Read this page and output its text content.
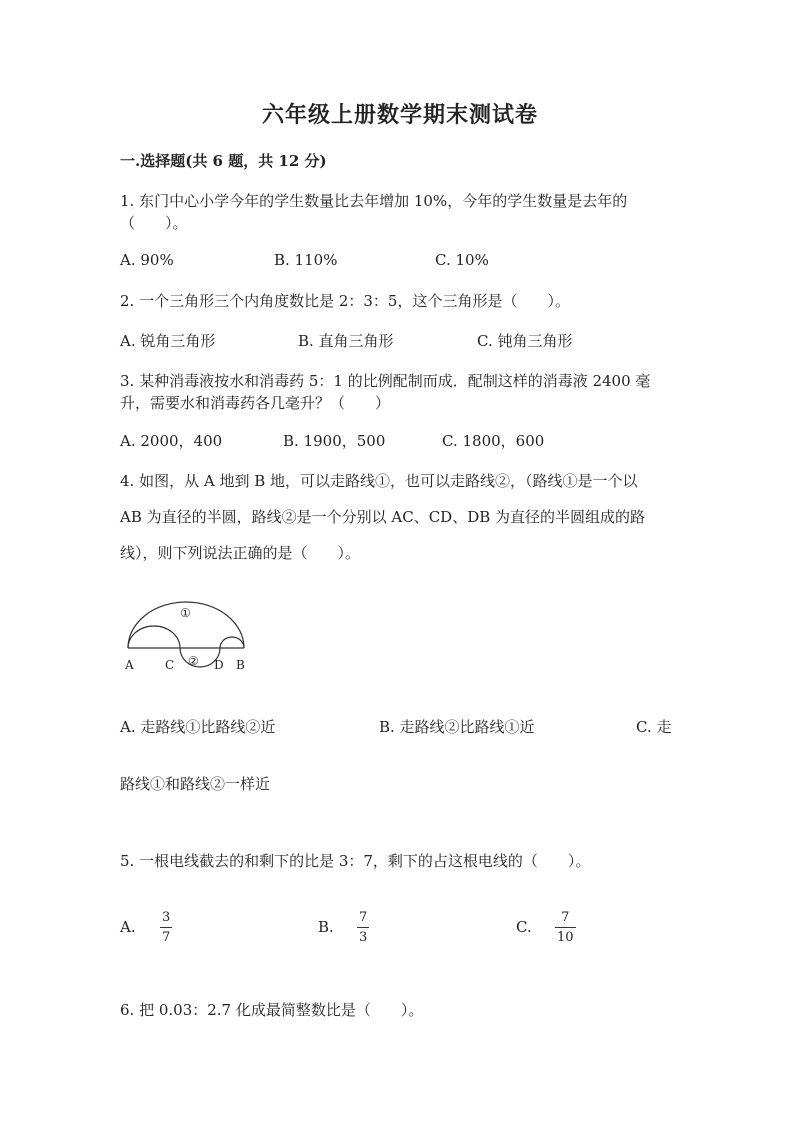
六年级上册数学期末测试卷
一.选择题(共 6 题，共 12 分)
1. 东门中心小学今年的学生数量比去年增加 10%，今年的学生数量是去年的
（　　）。
A. 90%	B. 110%	C. 10%
2. 一个三角形三个内角度数比是 2：3：5，这个三角形是（　　）。
A. 锐角三角形	B. 直角三角形	C. 钝角三角形
3. 某种消毒液按水和消毒药 5：1 的比例配制而成．配制这样的消毒液 2400 毫
升，需要水和消毒药各几毫升？（　　）
A. 2000，400	B. 1900，500	C. 1800，600
4. 如图，从 A 地到 B 地，可以走路线①，也可以走路线②，（路线①是一个以
AB 为直径的半圆，路线②是一个分别以 AC、CD、DB 为直径的半圆组成的路
线），则下列说法正确的是（　　）。
①
②
A	C	D B
A. 走路线①比路线②近	B. 走路线②比路线①近	C. 走
路线①和路线②一样近
5. 一根电线截去的和剩下的比是 3：7，剩下的占这根电线的（　　）。
A.
3
7
B.
7
3
C.
7
10
6. 把 0.03：2.7 化成最简整数比是（　　）。
